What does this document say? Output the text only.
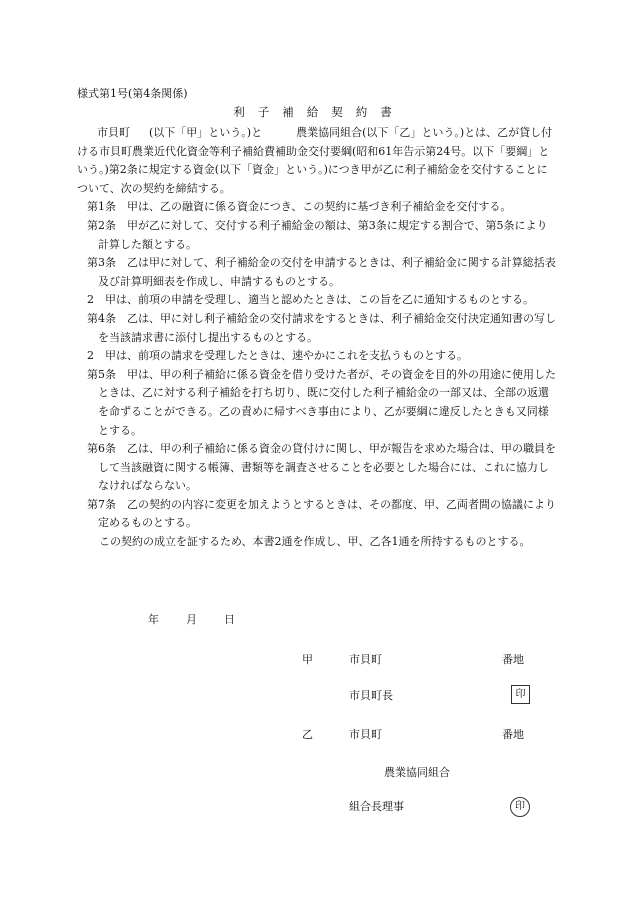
様式第1号(第4条関係)
利子補給契約書

市貝町 (以下「甲」という。)と	農業協同組合(以下「乙」という。)とは、乙が貸し付ける市貝町農業近代化資金等利子補給費補助金交付要綱(昭和61年告示第24号。以下「要綱」という。)第2条に規定する資金(以下「資金」という。)につき甲が乙に利子補給金を交付することについて、次の契約を締結する。

第1条　甲は、乙の融資に係る資金につき、この契約に基づき利子補給金を交付する。

第2条　甲が乙に対して、交付する利子補給金の額は、第3条に規定する割合で、第5条により計算した額とする。

第3条　乙は甲に対して、利子補給金の交付を申請するときは、利子補給金に関する計算総括表及び計算明細表を作成し、申請するものとする。

2　甲は、前項の申請を受理し、適当と認めたときは、この旨を乙に通知するものとする。

第4条　乙は、甲に対し利子補給金の交付請求をするときは、利子補給金交付決定通知書の写しを当該請求書に添付し提出するものとする。

2　甲は、前項の請求を受理したときは、速やかにこれを支払うものとする。

第5条　甲は、甲の利子補給に係る資金を借り受けた者が、その資金を目的外の用途に使用したときは、乙に対する利子補給を打ち切り、既に交付した利子補給金の一部又は、全部の返還を命ずることができる。乙の責めに帰すべき事由により、乙が要綱に違反したときも又同様とする。

第6条　乙は、甲の利子補給に係る資金の貸付けに関し、甲が報告を求めた場合は、甲の職員をして当該融資に関する帳簿、書類等を調査させることを必要とした場合には、これに協力しなければならない。

第7条　乙の契約の内容に変更を加えようとするときは、その都度、甲、乙両者間の協議により定めるものとする。

この契約の成立を証するため、本書2通を作成し、甲、乙各1通を所持するものとする。

年 月 日
甲	市貝町	番地
市貝町長	印
乙	市貝町	番地
農業協同組合
組合長理事	印
